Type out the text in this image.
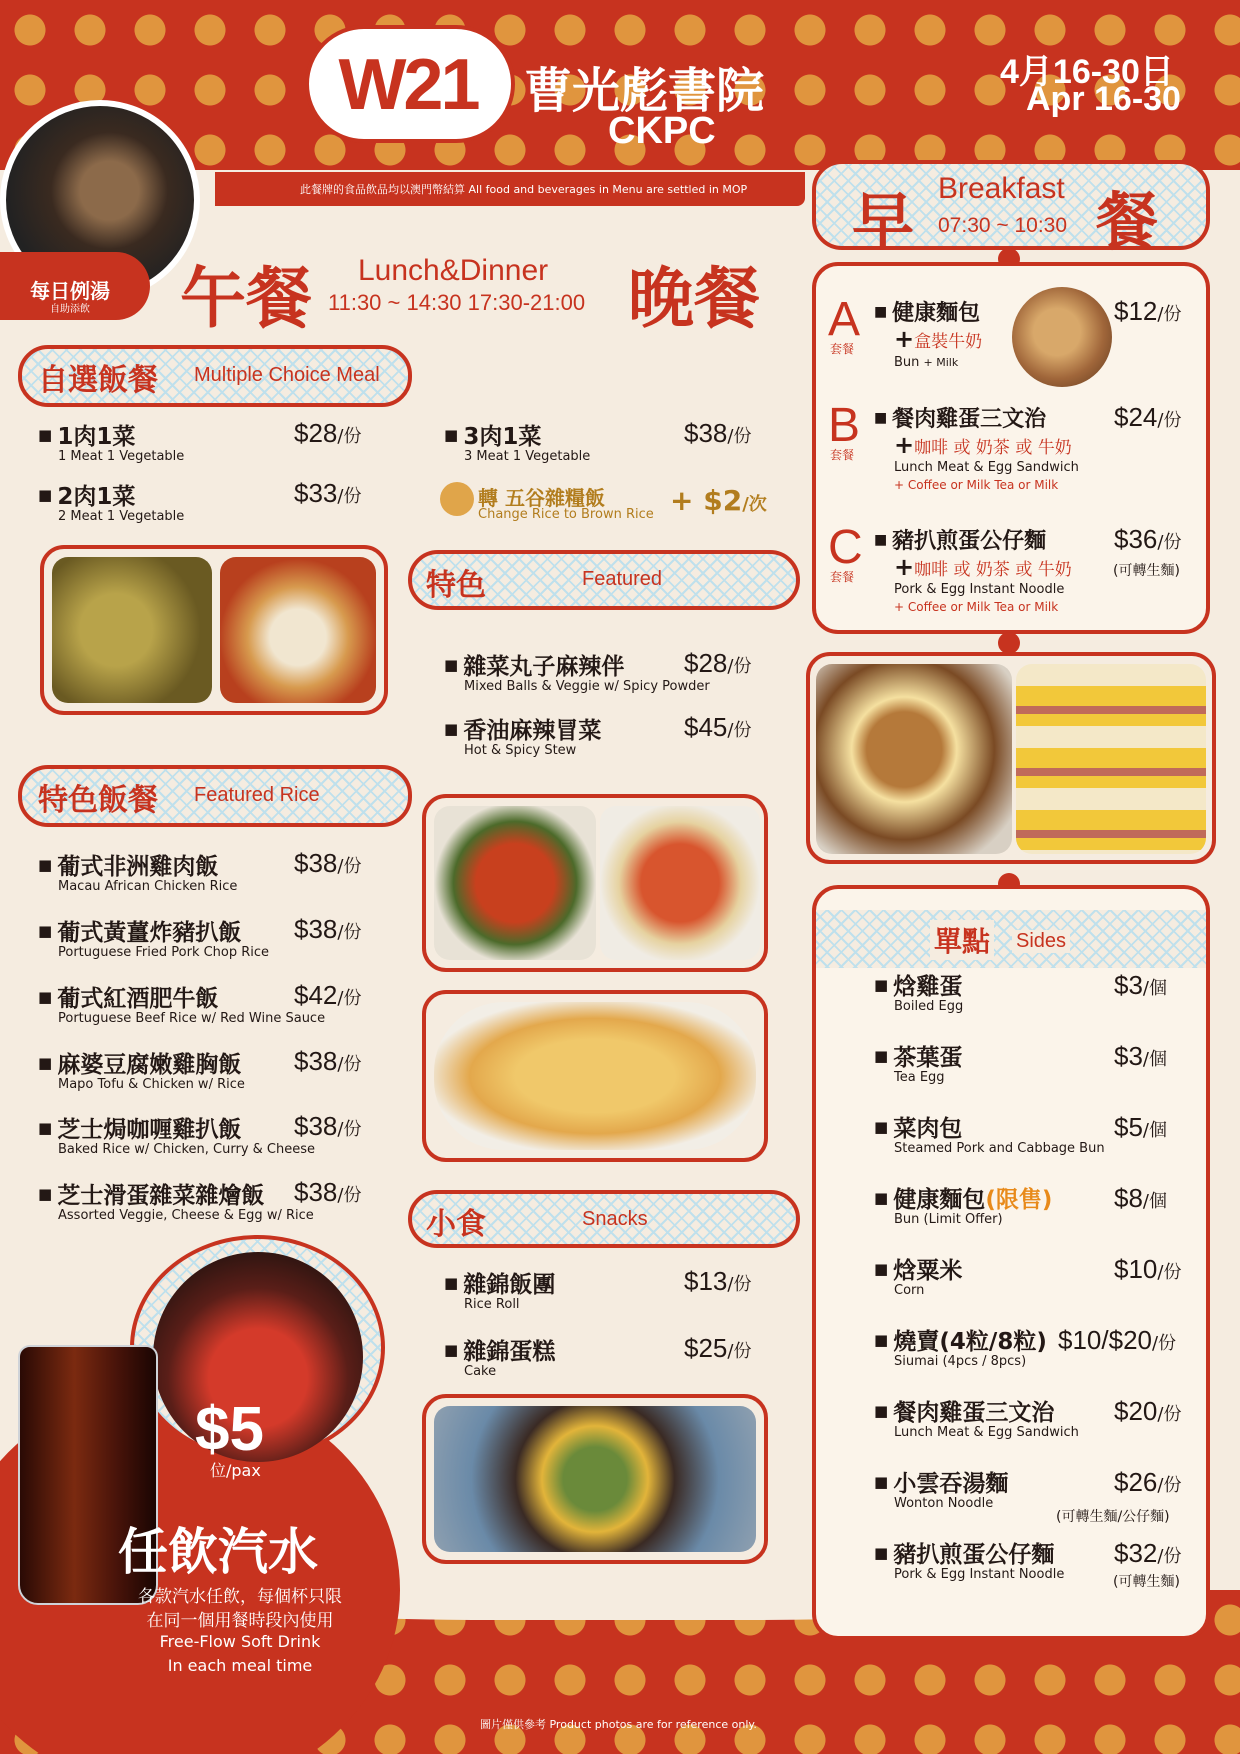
此餐牌的食品飲品均以澳門幣結算 All food and beverages in Menu are settled in MOP
W21 曹光彪書院
CKPC
4月16-30日
Apr 16-30
每日例湯
自助添飲 午餐	晚餐
Lunch&Dinner
11:30 ~ 14:30 17:30-21:00
自選飯餐 Multiple Choice Meal
■ 1肉1菜
1 Meat 1 Vegetable
$28/份
■ 2肉1菜
2 Meat 1 Vegetable
$33/份
■ 3肉1菜
3 Meat 1 Vegetable
$38/份
轉 五谷雜糧飯
Change Rice to Brown Rice + $2/次
特色飯餐 Featured Rice
■ 葡式非洲雞肉飯
Macau African Chicken Rice
$38/份
■ 葡式黃薑炸豬扒飯
Portuguese Fried Pork Chop Rice
$38/份
■ 葡式紅酒肥牛飯
Portuguese Beef Rice w/ Red Wine Sauce
$42/份
■ 麻婆豆腐嫩雞胸飯
Mapo Tofu & Chicken w/ Rice
$38/份
■ 芝士焗咖喱雞扒飯
Baked Rice w/ Chicken, Curry & Cheese
$38/份
■ 芝士滑蛋雜菜雜燴飯
Assorted Veggie, Cheese & Egg w/ Rice
$38/份
特色	Featured
■ 雜菜丸子麻辣伴
Mixed Balls & Veggie w/ Spicy Powder
$28/份
■ 香油麻辣冒菜
Hot & Spicy Stew
$45/份
小食	Snacks
■ 雜錦飯團
Rice Roll
$13/份
■ 雜錦蛋糕
Cake
$25/份
早	餐
Breakfast
07:30 ~ 10:30
A
套餐
■ 健康麵包
+盒裝牛奶
Bun + Milk
$12/份
B
套餐
■ 餐肉雞蛋三文治
+咖啡 或 奶茶 或 牛奶
Lunch Meat & Egg Sandwich
+ Coffee or Milk Tea or Milk
$24/份
C
套餐
■ 豬扒煎蛋公仔麵
+咖啡 或 奶茶 或 牛奶
Pork & Egg Instant Noodle
+ Coffee or Milk Tea or Milk
$36/份
(可轉生麵)
單點 Sides
■ 焓雞蛋
Boiled Egg
$3/個
■ 茶葉蛋
Tea Egg
$3/個
■ 菜肉包
Steamed Pork and Cabbage Bun
$5/個
■ 健康麵包(限售)
Bun (Limit Offer)
$8/個
■ 焓粟米
Corn
$10/份
■ 燒賣(4粒/8粒)
Siumai (4pcs / 8pcs)
$10/$20/份
■ 餐肉雞蛋三文治
Lunch Meat & Egg Sandwich
$20/份
■ 小雲吞湯麵
Wonton Noodle
$26/份
(可轉生麵/公仔麵)
■ 豬扒煎蛋公仔麵
Pork & Egg Instant Noodle
$32/份
(可轉生麵)
$5
位/pax
任飲汽水
各款汽水任飲，每個杯只限
在同一個用餐時段內使用
Free-Flow Soft Drink
In each meal time
圖片僅供參考 Product photos are for reference only.
